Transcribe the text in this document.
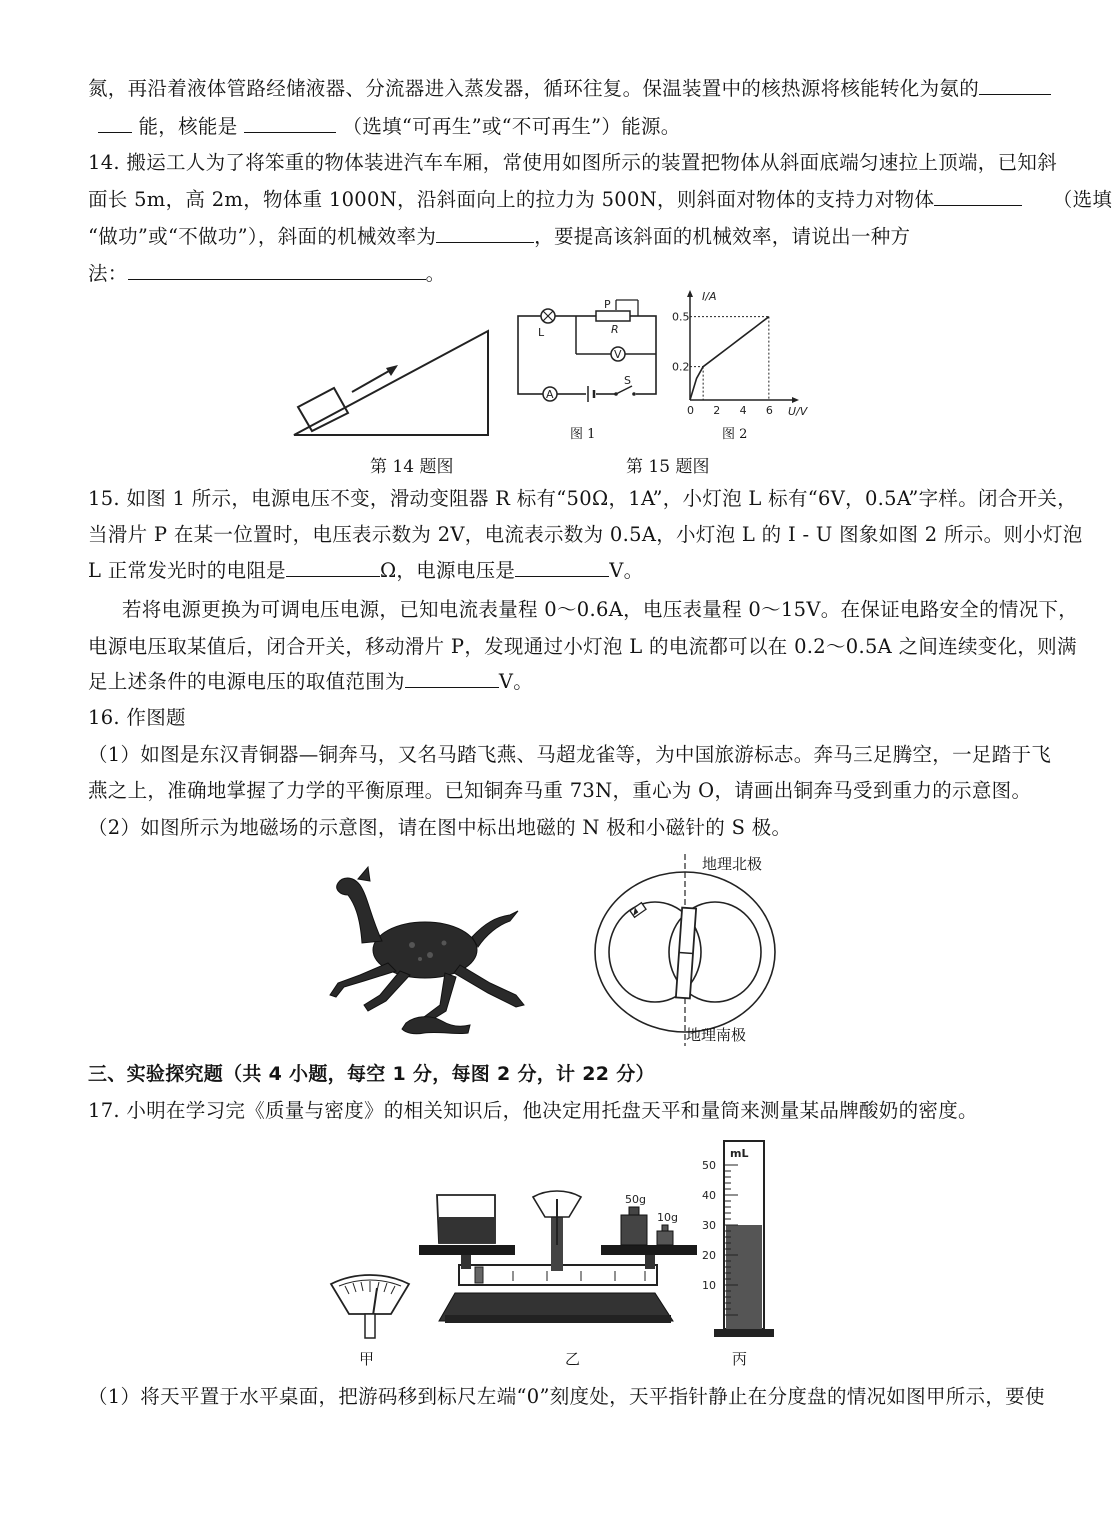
氮，再沿着液体管路经储液器、分流器进入蒸发器，循环往复。保温装置中的核热源将核能转化为氨的
能，核能是	（选填“可再生”或“不可再生”）能源。
14. 搬运工人为了将笨重的物体装进汽车车厢，常使用如图所示的装置把物体从斜面底端匀速拉上顶端，已知斜
面长 5m，高 2m，物体重 1000N，沿斜面向上的拉力为 500N，则斜面对物体的支持力对物体	（选填
“做功”或“不做功”），斜面的机械效率为	，要提高该斜面的机械效率，请说出一种方
法：	。
L
P
R
V
A
S
图 1
I/A
U/V
0 2 4 6
0.5
0.2
图 2
第 14 题图	第 15 题图
15. 如图 1 所示，电源电压不变，滑动变阻器 R 标有“50Ω，1A”，小灯泡 L 标有“6V，0.5A”字样。闭合开关，
当滑片 P 在某一位置时，电压表示数为 2V，电流表示数为 0.5A，小灯泡 L 的 I - U 图象如图 2 所示。则小灯泡
L 正常发光时的电阻是	Ω，电源电压是	V。
若将电源更换为可调电压电源，已知电流表量程 0～0.6A，电压表量程 0～15V。在保证电路安全的情况下，
电源电压取某值后，闭合开关，移动滑片 P，发现通过小灯泡 L 的电流都可以在 0.2～0.5A 之间连续变化，则满
足上述条件的电源电压的取值范围为	V。
16. 作图题
（1）如图是东汉青铜器—铜奔马，又名马踏飞燕、马超龙雀等，为中国旅游标志。奔马三足腾空，一足踏于飞
燕之上，准确地掌握了力学的平衡原理。已知铜奔马重 73N，重心为 O，请画出铜奔马受到重力的示意图。
（2）如图所示为地磁场的示意图，请在图中标出地磁的 N 极和小磁针的 S 极。
地理北极
地理南极
三、实验探究题（共 4 小题，每空 1 分，每图 2 分，计 22 分）
17. 小明在学习完《质量与密度》的相关知识后，他决定用托盘天平和量筒来测量某品牌酸奶的密度。
甲
50g
10g
乙
mL
50
40
30
20
10
丙
（1）将天平置于水平桌面，把游码移到标尺左端“0”刻度处，天平指针静止在分度盘的情况如图甲所示，要使
